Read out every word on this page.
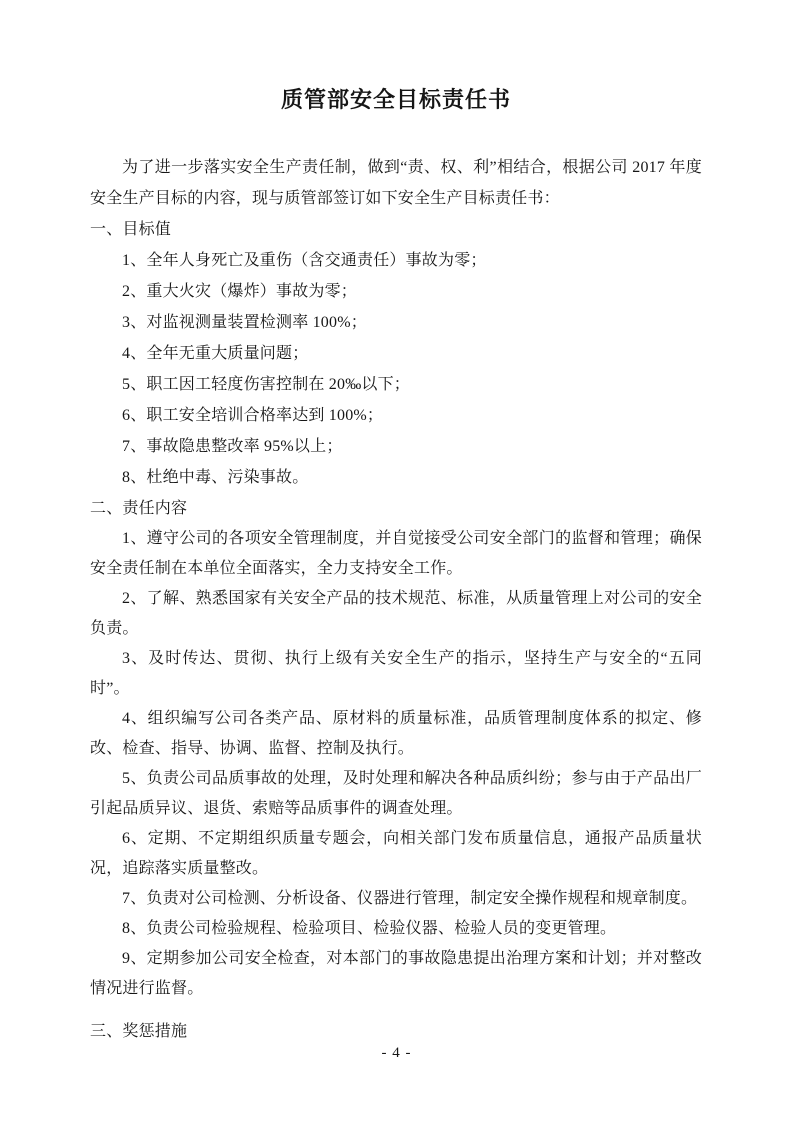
质管部安全目标责任书

为了进一步落实安全生产责任制，做到“责、权、利”相结合，根据公司 2017 年度安全生产目标的内容，现与质管部签订如下安全生产目标责任书：

一、目标值

1、全年人身死亡及重伤（含交通责任）事故为零；

2、重大火灾（爆炸）事故为零；

3、对监视测量装置检测率 100%；

4、全年无重大质量问题；

5、职工因工轻度伤害控制在 20‰以下；

6、职工安全培训合格率达到 100%；

7、事故隐患整改率 95%以上；

8、杜绝中毒、污染事故。

二、责任内容

1、遵守公司的各项安全管理制度，并自觉接受公司安全部门的监督和管理；确保安全责任制在本单位全面落实，全力支持安全工作。

2、了解、熟悉国家有关安全产品的技术规范、标准，从质量管理上对公司的安全负责。

3、及时传达、贯彻、执行上级有关安全生产的指示，坚持生产与安全的“五同时”。

4、组织编写公司各类产品、原材料的质量标准，品质管理制度体系的拟定、修改、检查、指导、协调、监督、控制及执行。

5、负责公司品质事故的处理，及时处理和解决各种品质纠纷；参与由于产品出厂引起品质异议、退货、索赔等品质事件的调查处理。

6、定期、不定期组织质量专题会，向相关部门发布质量信息，通报产品质量状况，追踪落实质量整改。

7、负责对公司检测、分析设备、仪器进行管理，制定安全操作规程和规章制度。

8、负责公司检验规程、检验项目、检验仪器、检验人员的变更管理。

9、定期参加公司安全检查，对本部门的事故隐患提出治理方案和计划；并对整改情况进行监督。

三、奖惩措施

- 4 -
